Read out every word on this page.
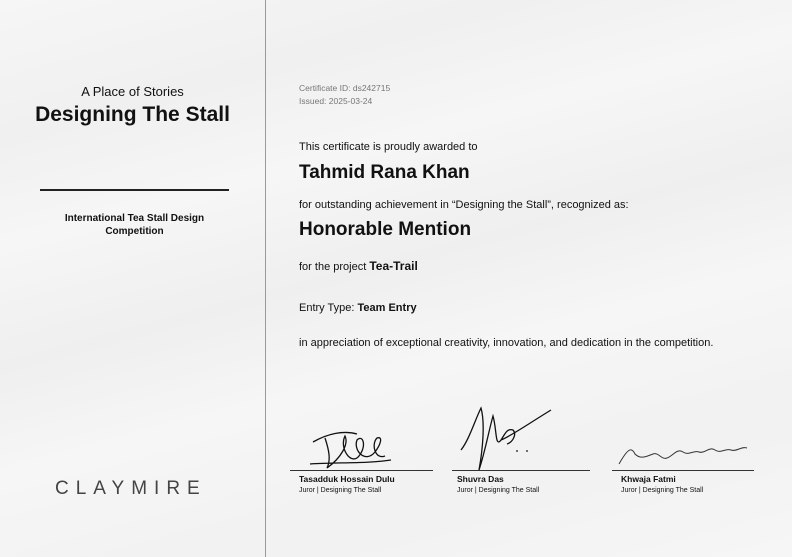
A Place of Stories
Designing The Stall
International Tea Stall Design Competition
CLAYMIRE
Certificate ID: ds242715
Issued: 2025-03-24
This certificate is proudly awarded to
Tahmid Rana Khan
for outstanding achievement in “Designing the Stall”, recognized as:
Honorable Mention
for the project Tea-Trail
Entry Type: Team Entry
in appreciation of exceptional creativity, innovation, and dedication in the competition.
Tasadduk Hossain Dulu
Juror | Designing The Stall
Shuvra Das
Juror | Designing The Stall
Khwaja Fatmi
Juror | Designing The Stall
